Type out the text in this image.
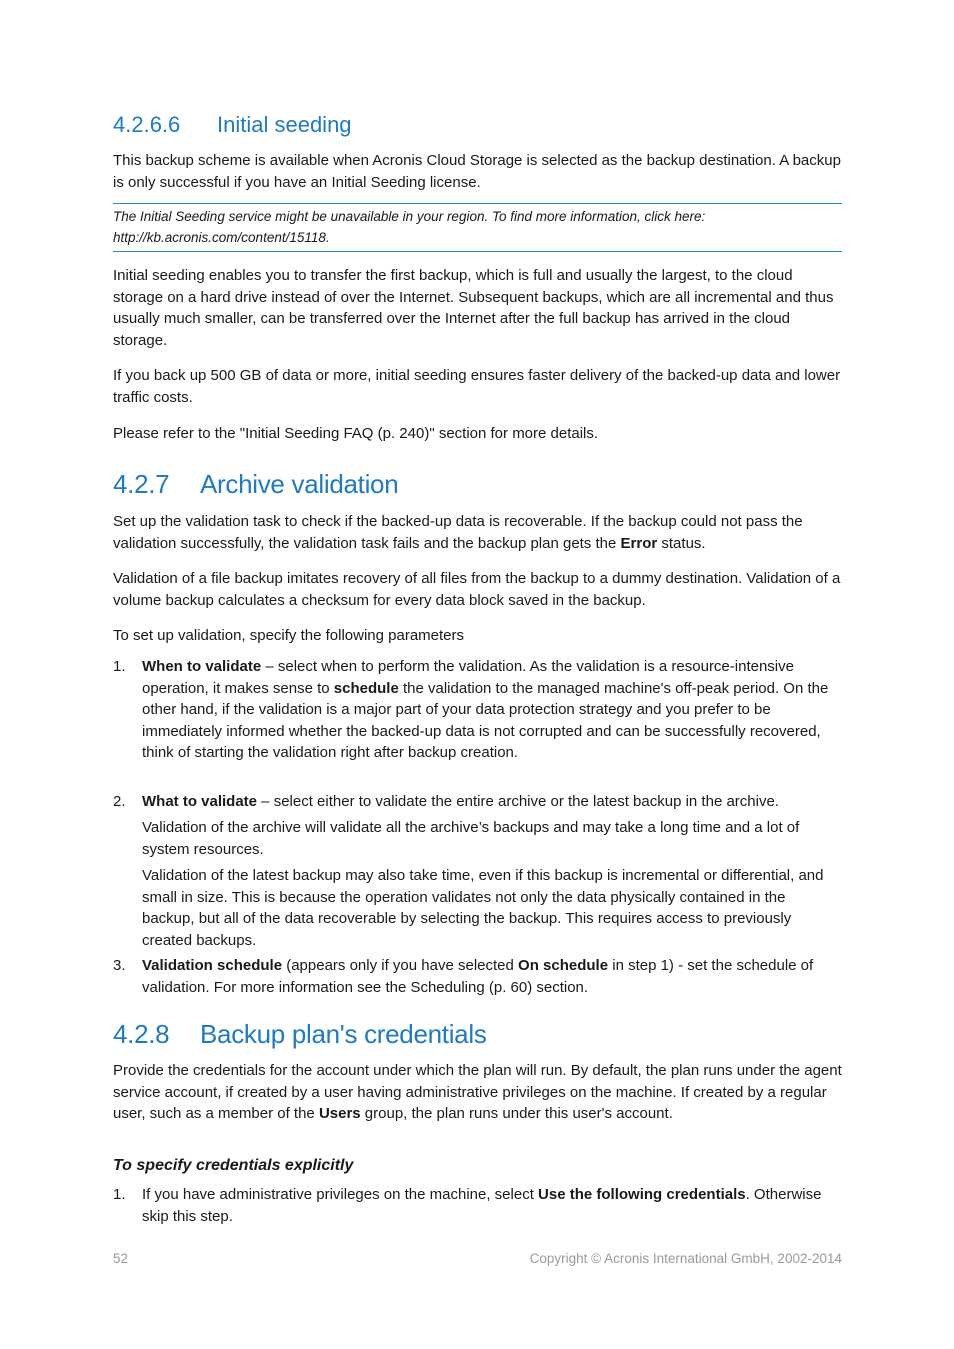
4.2.6.6 Initial seeding

This backup scheme is available when Acronis Cloud Storage is selected as the backup destination. A backup is only successful if you have an Initial Seeding license.

The Initial Seeding service might be unavailable in your region. To find more information, click here:
http://kb.acronis.com/content/15118.

Initial seeding enables you to transfer the first backup, which is full and usually the largest, to the cloud storage on a hard drive instead of over the Internet. Subsequent backups, which are all incremental and thus usually much smaller, can be transferred over the Internet after the full backup has arrived in the cloud storage.

If you back up 500 GB of data or more, initial seeding ensures faster delivery of the backed-up data and lower traffic costs.

Please refer to the "Initial Seeding FAQ (p. 240)" section for more details.

4.2.7 Archive validation

Set up the validation task to check if the backed-up data is recoverable. If the backup could not pass the validation successfully, the validation task fails and the backup plan gets the Error status.

Validation of a file backup imitates recovery of all files from the backup to a dummy destination. Validation of a volume backup calculates a checksum for every data block saved in the backup.

To set up validation, specify the following parameters

1. When to validate – select when to perform the validation. As the validation is a resource-intensive operation, it makes sense to schedule the validation to the managed machine's off-peak period. On the other hand, if the validation is a major part of your data protection strategy and you prefer to be immediately informed whether the backed-up data is not corrupted and can be successfully recovered, think of starting the validation right after backup creation.
2. What to validate – select either to validate the entire archive or the latest backup in the archive.

Validation of the archive will validate all the archive’s backups and may take a long time and a lot of system resources.

Validation of the latest backup may also take time, even if this backup is incremental or differential, and small in size. This is because the operation validates not only the data physically contained in the backup, but all of the data recoverable by selecting the backup. This requires access to previously created backups.

3. Validation schedule (appears only if you have selected On schedule in step 1) - set the schedule of validation. For more information see the Scheduling (p. 60) section.
4.2.8 Backup plan's credentials

Provide the credentials for the account under which the plan will run. By default, the plan runs under the agent service account, if created by a user having administrative privileges on the machine. If created by a regular user, such as a member of the Users group, the plan runs under this user's account.

To specify credentials explicitly
1. If you have administrative privileges on the machine, select Use the following credentials. Otherwise skip this step.
52	Copyright © Acronis International GmbH, 2002-2014
